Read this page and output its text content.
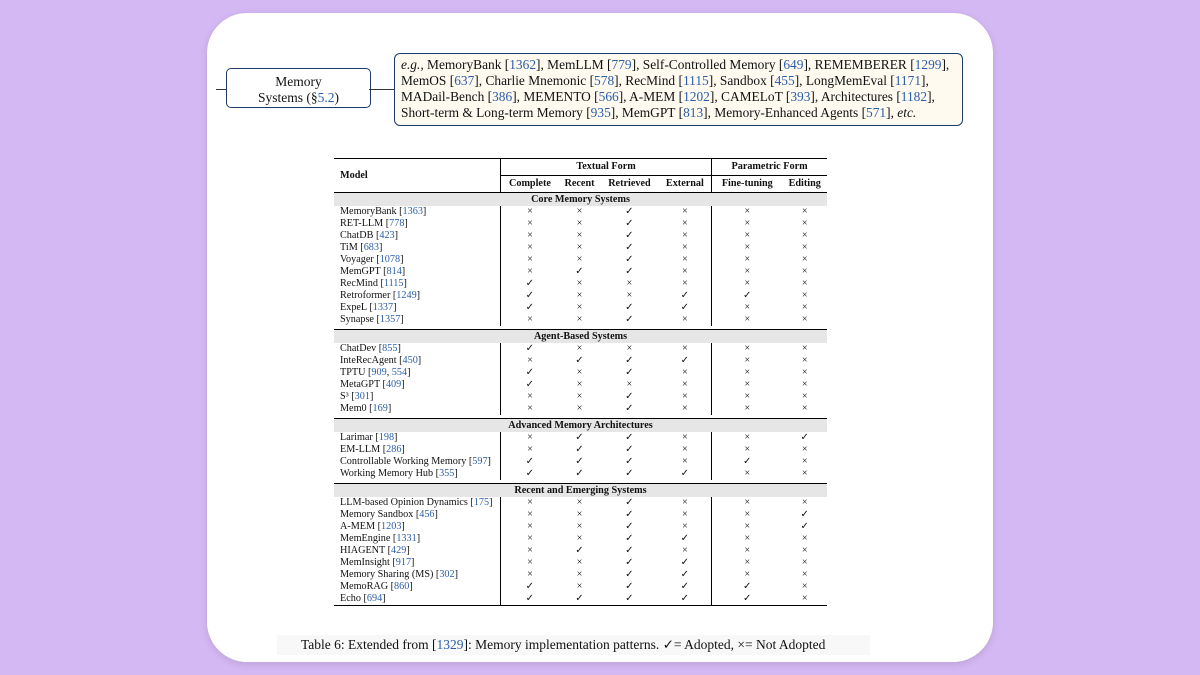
Memory
Systems (§5.2)
e.g., MemoryBank [1362], MemLLM [779], Self-Controlled Memory [649], REMEMBERER [1299], MemOS [637], Charlie Mnemonic [578], RecMind [1115], Sandbox [455], LongMemEval [1171], MADail-Bench [386], MEMENTO [566], A-MEM [1202], CAMELoT [393], Architectures [1182], Short-term & Long-term Memory [935], MemGPT [813], Memory-Enhanced Agents [571], etc.
Model	Textual Form				Parametric Form	
	Complete	Recent	Retrieved	External	Fine-tuning	Editing
Core Memory Systems						
MemoryBank [1363]	×	×	✓	×	×	×
RET-LLM [778]	×	×	✓	×	×	×
ChatDB [423]	×	×	✓	×	×	×
TiM [683]	×	×	✓	×	×	×
Voyager [1078]	×	×	✓	×	×	×
MemGPT [814]	×	✓	✓	×	×	×
RecMind [1115]	✓	×	×	×	×	×
Retroformer [1249]	✓	×	×	✓	✓	×
ExpeL [1337]	✓	×	✓	✓	×	×
Synapse [1357]	×	×	✓	×	×	×

Agent-Based Systems						
ChatDev [855]	✓	×	×	×	×	×
InteRecAgent [450]	×	✓	✓	✓	×	×
TPTU [909, 554]	✓	×	✓	×	×	×
MetaGPT [409]	✓	×	×	×	×	×
S³ [301]	×	×	✓	×	×	×
Mem0 [169]	×	×	✓	×	×	×

Advanced Memory Architectures						
Larimar [198]	×	✓	✓	×	×	✓
EM-LLM [286]	×	✓	✓	×	×	×
Controllable Working Memory [597]	✓	✓	✓	×	✓	×
Working Memory Hub [355]	✓	✓	✓	✓	×	×

Recent and Emerging Systems						
LLM-based Opinion Dynamics [175]	×	×	✓	×	×	×
Memory Sandbox [456]	×	×	✓	×	×	✓
A-MEM [1203]	×	×	✓	×	×	✓
MemEngine [1331]	×	×	✓	✓	×	×
HIAGENT [429]	×	✓	✓	×	×	×
MemInsight [917]	×	×	✓	✓	×	×
Memory Sharing (MS) [302]	×	×	✓	✓	×	×
MemoRAG [860]	✓	×	✓	✓	✓	×
Echo [694]	✓	✓	✓	✓	✓	×
Table 6: Extended from [1329]: Memory implementation patterns. ✓= Adopted, ×= Not Adopted
